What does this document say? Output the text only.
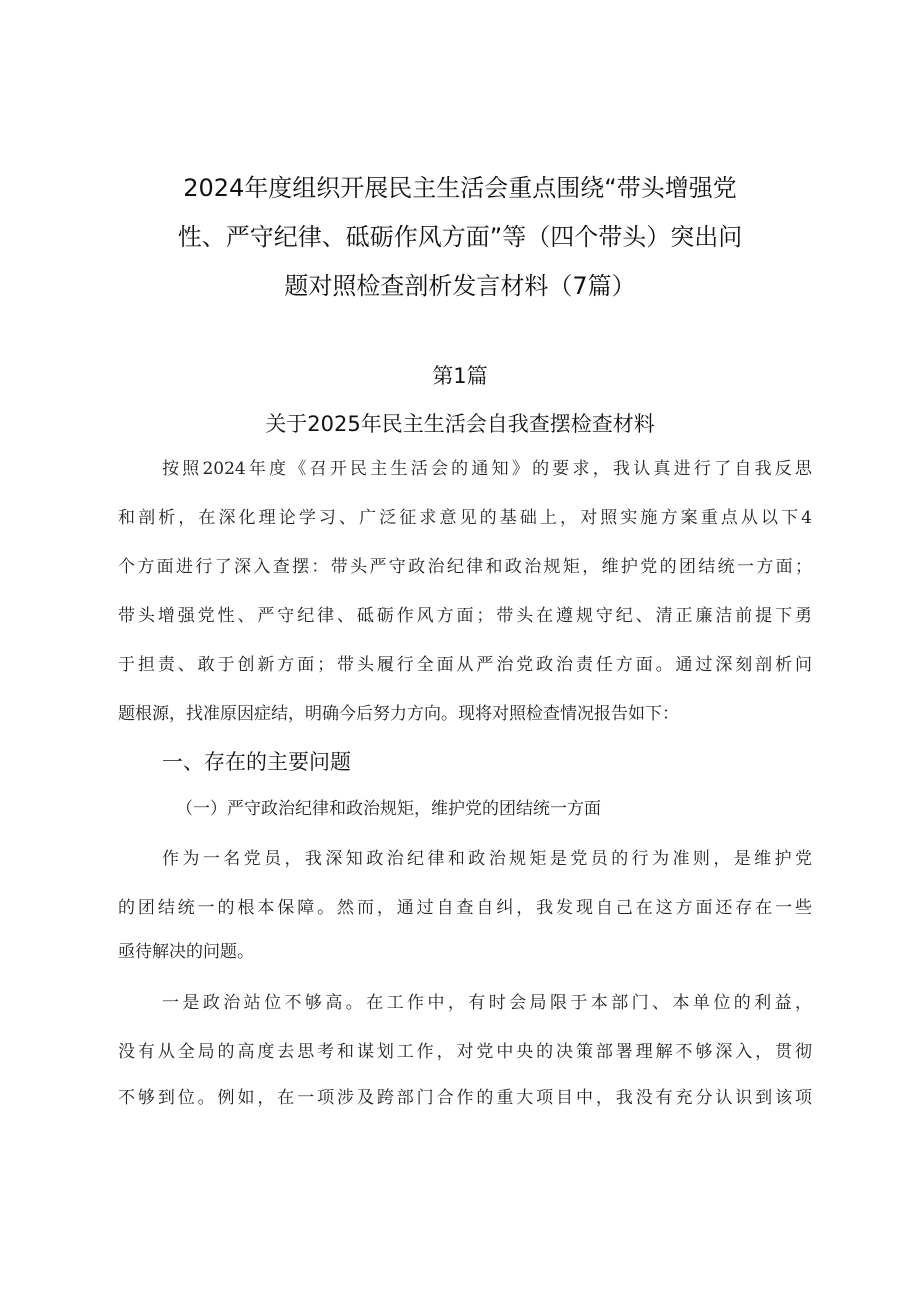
2024年度组织开展民主生活会重点围绕“带头增强党
性、严守纪律、砥砺作风方面”等（四个带头）突出问
题对照检查剖析发言材料（7篇）
第1篇
关于2025年民主生活会自我查摆检查材料
按照2024年度《召开民主生活会的通知》的要求，我认真进行了自我反思
和剖析，在深化理论学习、广泛征求意见的基础上，对照实施方案重点从以下4
个方面进行了深入查摆：带头严守政治纪律和政治规矩，维护党的团结统一方面；
带头增强党性、严守纪律、砥砺作风方面；带头在遵规守纪、清正廉洁前提下勇
于担责、敢于创新方面；带头履行全面从严治党政治责任方面。通过深刻剖析问
题根源，找准原因症结，明确今后努力方向。现将对照检查情况报告如下：
一、存在的主要问题
（一）严守政治纪律和政治规矩，维护党的团结统一方面
作为一名党员，我深知政治纪律和政治规矩是党员的行为准则，是维护党
的团结统一的根本保障。然而，通过自查自纠，我发现自己在这方面还存在一些
亟待解决的问题。
一是政治站位不够高。在工作中，有时会局限于本部门、本单位的利益，
没有从全局的高度去思考和谋划工作，对党中央的决策部署理解不够深入，贯彻
不够到位。例如，在一项涉及跨部门合作的重大项目中，我没有充分认识到该项
